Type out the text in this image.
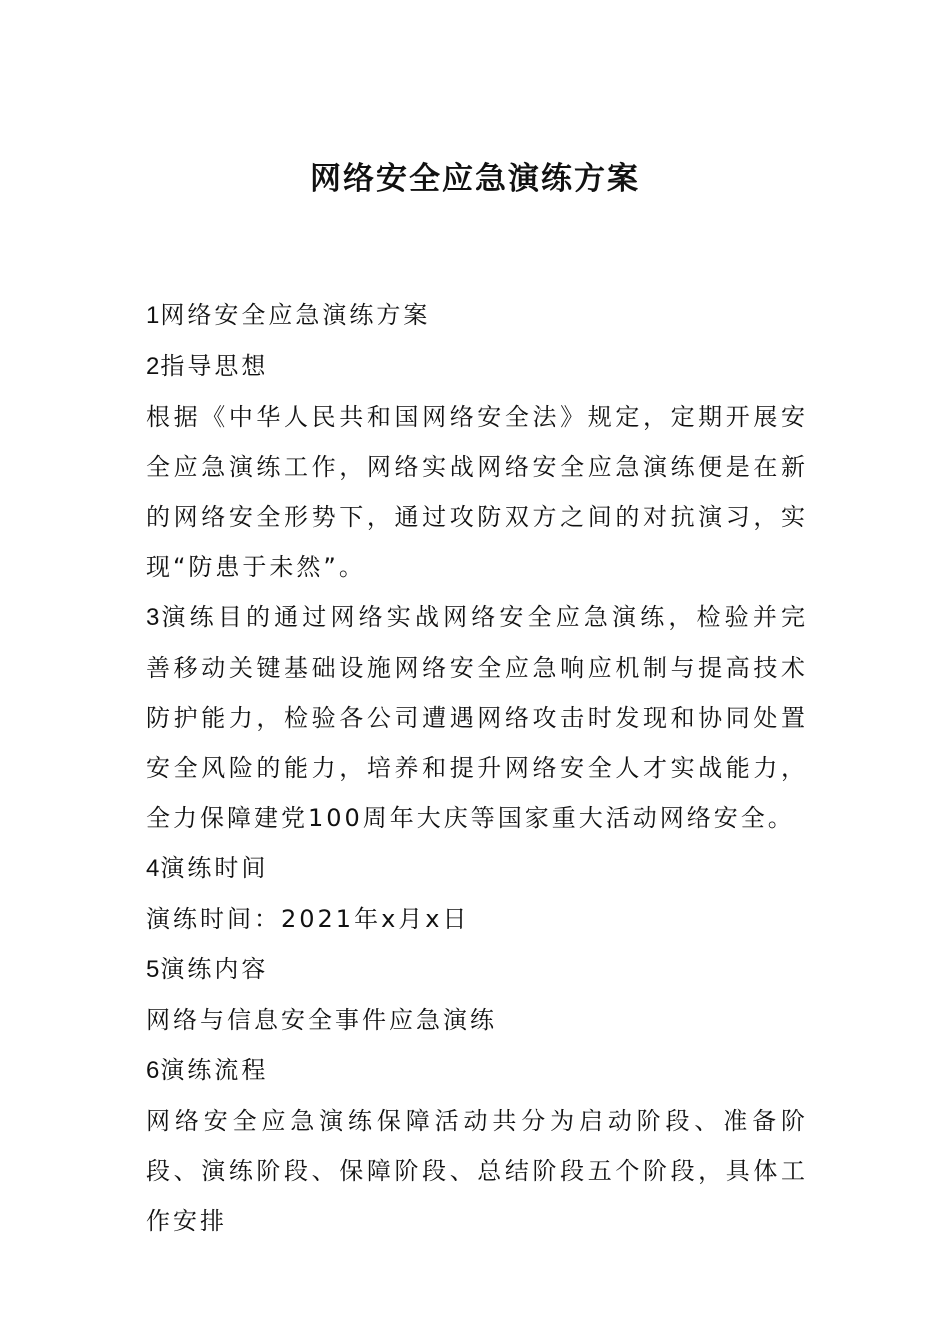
网络安全应急演练方案

1网络安全应急演练方案

2指导思想

根据《中华人民共和国网络安全法》规定，定期开展安全应急演练工作，网络实战网络安全应急演练便是在新的网络安全形势下，通过攻防双方之间的对抗演习，实现“防患于未然”。

3演练目的通过网络实战网络安全应急演练，检验并完善移动关键基础设施网络安全应急响应机制与提高技术防护能力，检验各公司遭遇网络攻击时发现和协同处置安全风险的能力，培养和提升网络安全人才实战能力，全力保障建党100周年大庆等国家重大活动网络安全。

4演练时间

演练时间：2021年x月x日

5演练内容

网络与信息安全事件应急演练

6演练流程

网络安全应急演练保障活动共分为启动阶段、准备阶段、演练阶段、保障阶段、总结阶段五个阶段，具体工作安排
